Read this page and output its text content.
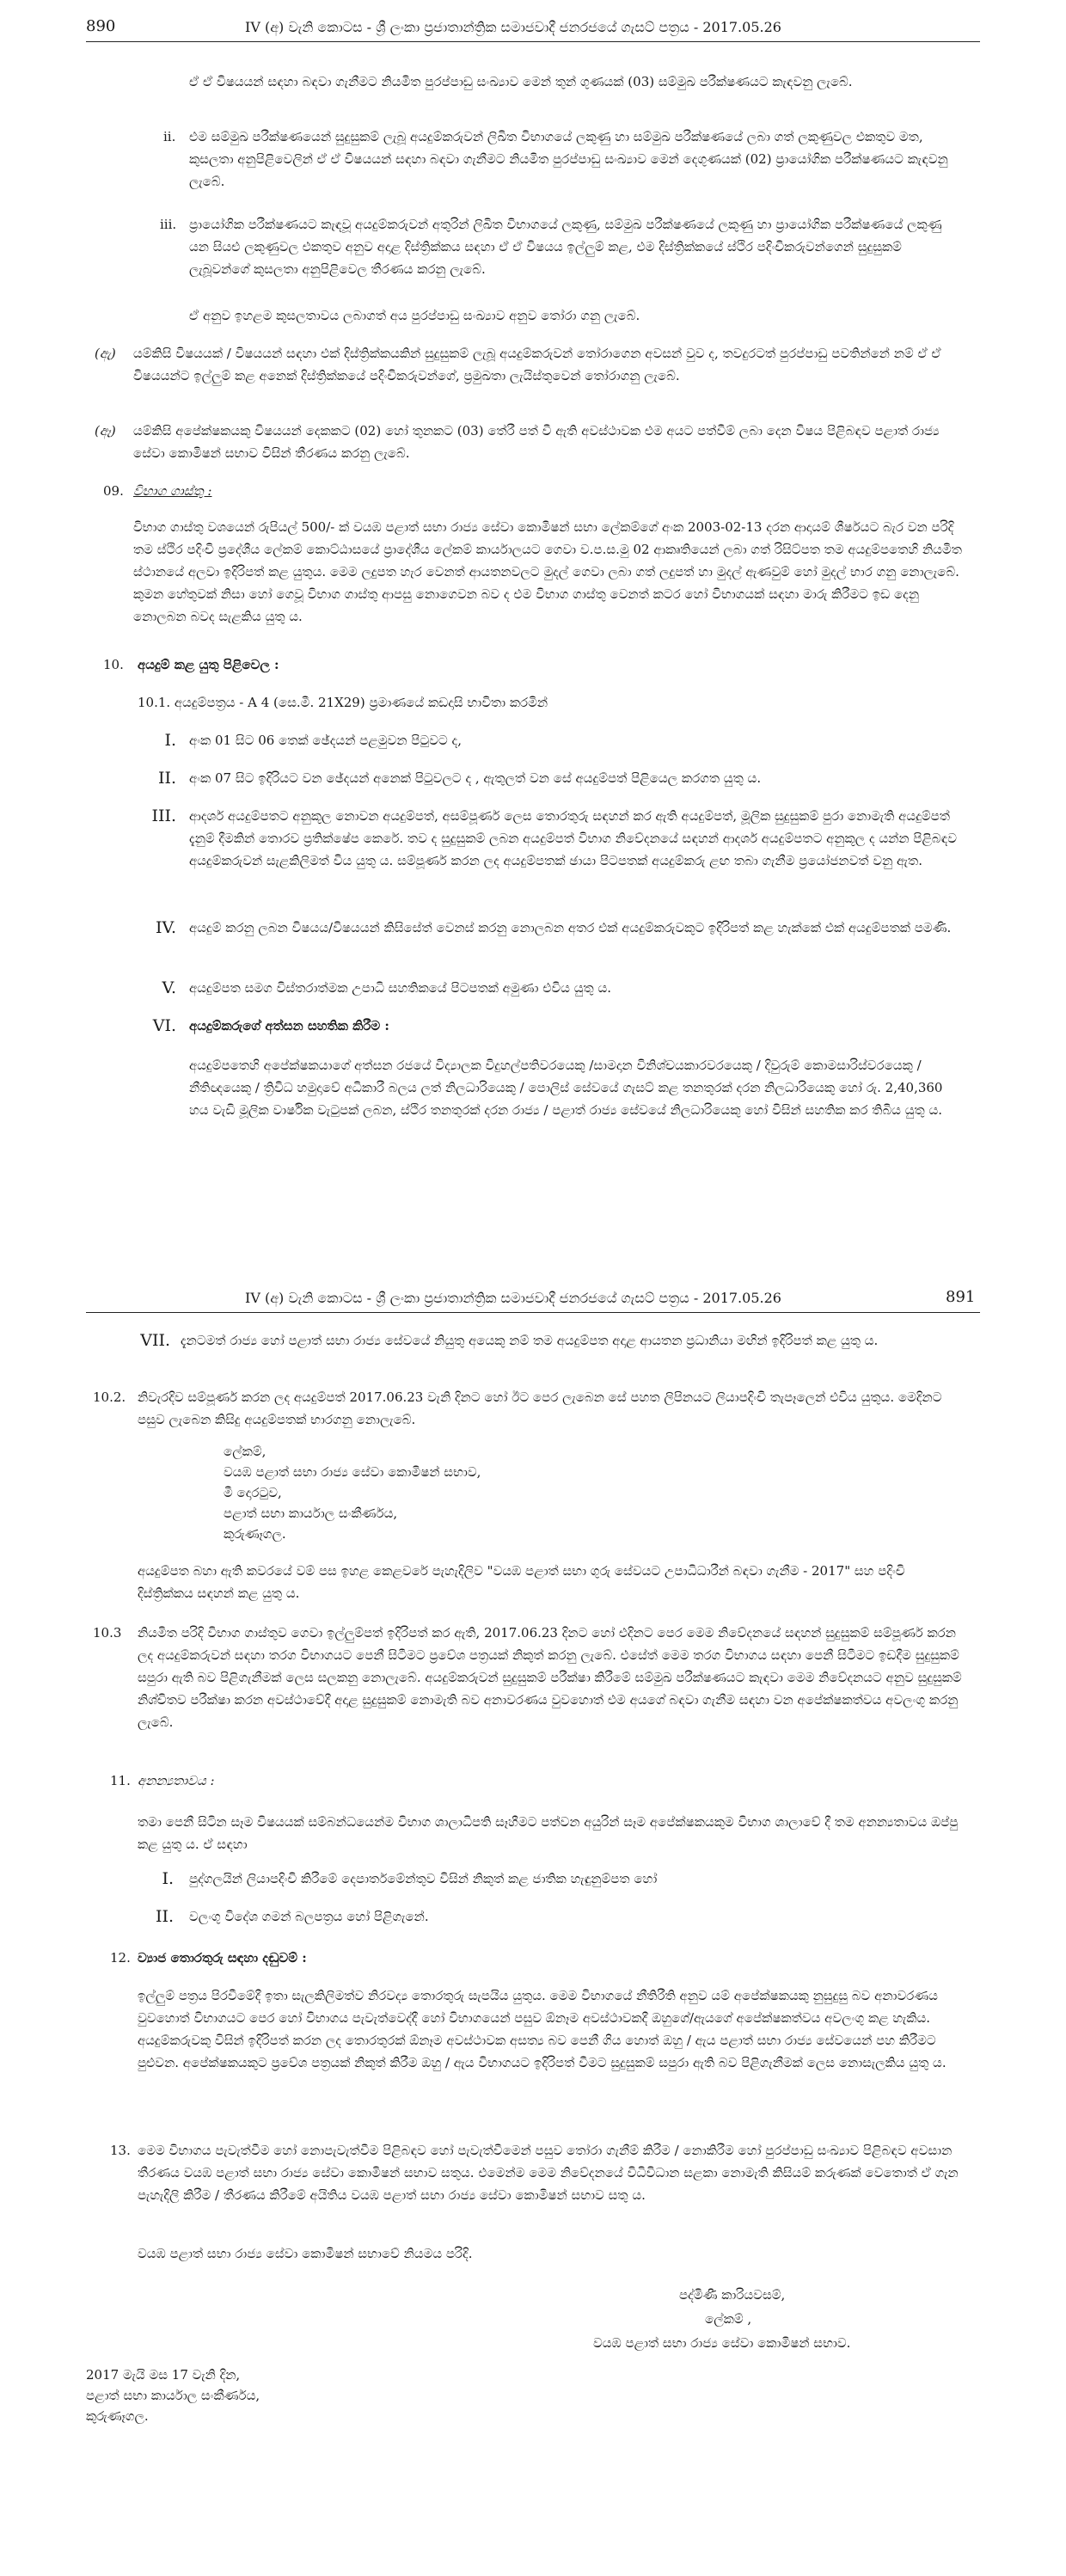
890	IV (අ) වැනි කොටස - ශ්‍රී ලංකා ප්‍රජාතාන්ත්‍රික සමාජවාදී ජනරජයේ ගැසට් පත්‍රය - 2017.05.26
ඒ ඒ විෂයයන් සඳහා බඳවා ගැනීමට නියමිත පුරප්පාඩු සංඛ්‍යාව මෙන් තුන් ගුණයක් (03) සම්මුඛ පරීක්ෂණයට කැඳවනු ලැබේ.
ii. එම සම්මුඛ පරීක්ෂණයෙන් සුදුසුකම් ලැබූ අයදුම්කරුවන් ලිඛිත විභාගයේ ලකුණු හා සම්මුඛ පරීක්ෂණයේ ලබා ගත් ලකුණුවල එකතුව මත, කුසලතා අනුපිළිවෙලින් ඒ ඒ විෂයයන් සඳහා බඳවා ගැනීමට නියමිත පුරප්පාඩු සංඛ්‍යාව මෙන් දෙගුණයක් (02) ප්‍රායෝගික පරීක්ෂණයට කැඳවනු ලැබේ.
iii. ප්‍රායෝගික පරීක්ෂණයට කැඳවූ අයදුම්කරුවන් අතුරින් ලිඛිත විභාගයේ ලකුණු, සම්මුඛ පරීක්ෂණයේ ලකුණු හා ප්‍රායෝගික පරීක්ෂණයේ ලකුණු යන සියළු ලකුණුවල එකතුව අනුව අදාළ දිස්ත්‍රික්කය සඳහා ඒ ඒ විෂයය ඉල්ලුම් කළ, එම දිස්ත්‍රික්කයේ ස්ථිර පදිංචිකරුවන්ගෙන් සුදුසුකම් ලැබූවන්ගේ කුසලතා අනුපිළිවෙල තීරණය කරනු ලැබේ.
ඒ අනුව ඉහළම කුසලතාවය ලබාගත් අය පුරප්පාඩු සංඛ්‍යාව අනුව තෝරා ගනු ලැබේ.
(ඇ) යම්කිසි විෂයයක් / විෂයයන් සඳහා එක් දිස්ත්‍රික්කයකින් සුදුසුකම් ලැබූ අයදුම්කරුවන් තෝරාගෙන අවසන් වුව ද, තවදුරටත් පුරප්පාඩු පවතින්නේ නම් ඒ ඒ විෂයයන්ට ඉල්ලුම් කළ අනෙක් දිස්ත්‍රික්කයේ පදිංචිකරුවන්ගේ, ප්‍රමුඛතා ලැයිස්තුවෙන් තෝරාගනු ලැබේ.
(ඈ) යම්කිසි අපේක්ෂකයකු විෂයයන් දෙකකට (02) හෝ තුනකට (03) තේරී පත් වී ඇති අවස්ථාවක එම අයට පත්වීම් ලබා දෙන විෂය පිළිබඳව පළාත් රාජ්‍ය සේවා කොමිෂන් සභාව විසින් තීරණය කරනු ලැබේ.
09. විභාග ගාස්තු :
විභාග ගාස්තු වශයෙන් රුපියල් 500/- ක් වයඹ පළාත් සභා රාජ්‍ය සේවා කොමිෂන් සභා ලේකම්ගේ අංක 2003-02-13 දරන ආදායම් ශීර්ෂයට බැර වන පරිදි තම ස්ථිර පදිංචි ප්‍රදේශීය ලේකම් කොට්ඨාසයේ ප්‍රාදේශීය ලේකම් කාර්යාලයට ගෙවා ව.ප.ස.මු 02 ආකෘතියෙන් ලබා ගත් රිසිට්පත තම අයදුම්පතෙහි නියමිත ස්ථානයේ අලවා ඉදිරිපත් කළ යුතුය. මෙම ලදුපත හැර වෙනත් ආයතනවලට මුදල් ගෙවා ලබා ගත් ලදුපත් හා මුදල් ඇණවුම් හෝ මුදල් භාර ගනු නොලැබේ. කුමන හේතුවක් නිසා හෝ ගෙවූ විභාග ගාස්තු ආපසු නොගෙවන බව ද එම විභාග ගාස්තු වෙනත් කටර හෝ විභාගයක් සඳහා මාරු කිරීමට ඉඩ දෙනු නොලබන බවද සැළකිය යුතු ය.
10. අයදුම් කළ යුතු පිළිවෙල :
10.1. අයදුම්පත්‍රය - A 4 (සෙ.මී. 21X29) ප්‍රමාණයේ කඩදාසි භාවිතා කරමින්
I. අංක 01 සිට 06 තෙක් ඡේදයන් පළමුවන පිටුවට ද,
II. අංක 07 සිට ඉදිරියට වන ඡේදයන් අනෙක් පිටුවලට ද , ඇතුලත් වන සේ අයදුම්පත් පිළියෙල කරගත යුතු ය.
III. ආදර්ශ අයදුම්පතට අනුකූල නොවන අයදුම්පත්, අසම්පූර්ණ ලෙස තොරතුරු සඳහන් කර ඇති අයදුම්පත්, මූලික සුදුසුකම් පුරා නොමැති අයදුම්පත් දැනුම් දීමකින් තොරව ප්‍රතික්ෂේප කෙරේ. තව ද සුදුසුකම් ලබන අයදුම්පත් විභාග නිවේදනයේ සඳහන් ආදර්ශ අයදුම්පතට අනුකූල ද යන්න පිළිබඳව අයදුම්කරුවන් සැළකිලිමත් විය යුතු ය. සම්පූර්ණ කරන ලද අයදුම්පතක් ඡායා පිටපතක් අයදුම්කරු ළඟ තබා ගැනීම ප්‍රයෝජනවත් වනු ඇත.
IV. අයදුම් කරනු ලබන විෂයය/විෂයයන් කිසිසේත් වෙනස් කරනු නොලබන අතර එක් අයදුම්කරුවකුට ඉදිරිපත් කළ හැක්කේ එක් අයදුම්පතක් පමණි.
V. අයදුම්පත සමග විස්තරාත්මක උපාධි සහතිකයේ පිටපතක් අමුණා එවිය යුතු ය.
VI. අයදුම්කරුගේ අත්සන සහතික කිරීම :
අයදුම්පතෙහි අපේක්ෂකයාගේ අත්සන රජයේ විද්‍යාලක විදුහල්පතිවරයෙකු /සාමදාන විනිශ්චයකාරවරයෙකු / දිවුරුම් කොමසාරිස්වරයෙකු /නීතිඥයෙකු / ත්‍රිවිධ හමුදාවේ අධිකාරී බලය ලත් නිලධාරියෙකු / පොලිස් සේවයේ ගැසට් කළ තනතුරක් දරන නිලධාරියෙකු හෝ රු. 2,40,360 හය වැඩි මූලික වාර්ෂික වැටුපක් ලබන, ස්ථිර තනතුරක් දරන රාජ්‍ය / පළාත් රාජ්‍ය සේවයේ නිලධාරියෙකු හෝ විසින් සහතික කර තිබිය යුතු ය.
IV (අ) වැනි කොටස - ශ්‍රී ලංකා ප්‍රජාතාන්ත්‍රික සමාජවාදී ජනරජයේ ගැසට් පත්‍රය - 2017.05.26	891
VII. දැනටමත් රාජ්‍ය හෝ පළාත් සභා රාජ්‍ය සේවයේ නියුතු අයෙකු නම් තම අයදුම්පත අදාළ ආයතන ප්‍රධානියා මඟින් ඉදිරිපත් කළ යුතු ය.
10.2. නිවැරදිව සම්පූර්ණ කරන ලද අයදුම්පත් 2017.06.23 වැනි දිනට හෝ ඊට පෙර ලැබෙන සේ පහත ලිපිනයට ලියාපදිංචි තැපෑලෙන් එවිය යුතුය. මෙදිනට පසුව ලැබෙන කිසිදු අයදුම්පතක් භාරගනු නොලැබේ.
ලේකම්,
වයඹ පළාත් සභා රාජ්‍ය සේවා කොමිෂන් සභාව,
මී දොරටුව,
පළාත් සභා කාර්යාල සංකීර්ණය,
කුරුණෑගල.
අයදුම්පත බහා ඇති කවරයේ වම් පස ඉහළ කෙළවරේ පැහැදිලිව "වයඹ පළාත් සභා ගුරු සේවයට උපාධිධාරීන් බඳවා ගැනීම - 2017" සහ පදිංචි දිස්ත්‍රික්කය සඳහන් කළ යුතු ය.
10.3 නියමිත පරිදි විභාග ගාස්තුව ගෙවා ඉල්ලුම්පත් ඉදිරිපත් කර ඇති, 2017.06.23 දිනට හෝ එදිනට පෙර මෙම නිවේදනයේ සඳහන් සුදුසුකම් සම්පූර්ණ කරන ලද අයදුම්කරුවන් සඳහා තරග විභාගයට පෙනී සිටීමට ප්‍රවේශ පත්‍රයක් නිකුත් කරනු ලැබේ. එසේත් මෙම තරග විභාගය සඳහා පෙනී සිටීමට ඉඩදීම සුදුසුකම් සපුරා ඇති බව පිළිගැනීමක් ලෙස සලකනු නොලැබේ. අයදුම්කරුවන් සුදුසුකම් පරීක්ෂා කිරීමේ සම්මුඛ පරීක්ෂණයට කැඳවා මෙම නිවේදනයට අනුව සුදුසුකම් නිශ්චිතව පරීක්ෂා කරන අවස්ථාවේදී අදාළ සුදුසුකම් නොමැති බව අනාවරණය වුවහොත් එම අයගේ බඳවා ගැනීම සඳහා වන අපේක්ෂකත්වය අවලංගු කරනු ලැබේ.
11. අනන්‍යතාවය :
තමා පෙනී සිටින සෑම විෂයයක් සම්බන්ධයෙන්ම විභාග ශාලාධිපති සෑහීමට පත්වන අයුරින් සෑම අපේක්ෂකයකුම විභාග ශාලාවේ දී තම අනන්‍යතාවය ඔප්පු කළ යුතු ය. ඒ සඳහා
I. පුද්ගලයින් ලියාපදිංචි කිරීමේ දෙපාර්තමේන්තුව විසින් නිකුත් කළ ජාතික හැඳුනුම්පත හෝ
II. වලංගු විදේශ ගමන් බලපත්‍රය හෝ පිළිගැනේ.
12. ව්‍යාජ තොරතුරු සඳහා දඬුවම් :
ඉල්ලුම් පත්‍රය පිරවීමේදී ඉතා සැලකිලිමත්ව නිරවද්‍ය තොරතුරු සැපයිය යුතුය. මෙම විභාගයේ නීතිරීති අනුව යම් අපේක්ෂකයකු නුසුදුසු බව අනාවරණය වුවහොත් විභාගයට පෙර හෝ විභාගය පැවැත්වෙද්දී හෝ විභාගයෙන් පසුව ඕනෑම අවස්ථාවකදී ඔහුගේ/ඇයගේ අපේක්ෂකත්වය අවලංගු කළ හැකිය. අයදුම්කරුවකු විසින් ඉදිරිපත් කරන ලද තොරතුරක් ඕනෑම අවස්ථාවක අසත්‍ය බව පෙනී ගිය හොත් ඔහු / ඇය පළාත් සභා රාජ්‍ය සේවයෙන් පහ කිරීමට පුළුවන. අපේක්ෂකයකුට ප්‍රවේශ පත්‍රයක් නිකුත් කිරීම ඔහු / ඇය විභාගයට ඉදිරිපත් වීමට සුදුසුකම් සපුරා ඇති බව පිළිගැනීමක් ලෙස නොසැලකිය යුතු ය.
13. මෙම විභාගය පැවැත්වීම හෝ නොපැවැත්වීම පිළිබඳව හෝ පැවැත්වීමෙන් පසුව තෝරා ගැනීම් කිරීම / නොකිරීම හෝ පුරප්පාඩු සංඛ්‍යාව පිළිබඳව අවසාන තීරණය වයඹ පළාත් සභා රාජ්‍ය සේවා කොමිෂන් සභාව සතුය. එමෙන්ම මෙම නිවේදනයේ විධිවිධාන සළකා නොමැති කිසියම් කරුණක් වෙතොත් ඒ ගැන පැහැදිලි කිරීම / තීරණය කිරීමේ අයිතිය වයඹ පළාත් සභා රාජ්‍ය සේවා කොමිෂන් සභාව සතු ය.
වයඹ පළාත් සභා රාජ්‍ය සේවා කොමිෂන් සභාවේ නියමය පරිදි.
පද්මිණී කාරියවසම්,
ලේකම් ,
වයඹ පළාත් සභා රාජ්‍ය සේවා කොමිෂන් සභාව.
2017 මැයි මස 17 වැනි දින,
පළාත් සභා කාර්යාල සංකීර්ණය,
කුරුණෑගල.
